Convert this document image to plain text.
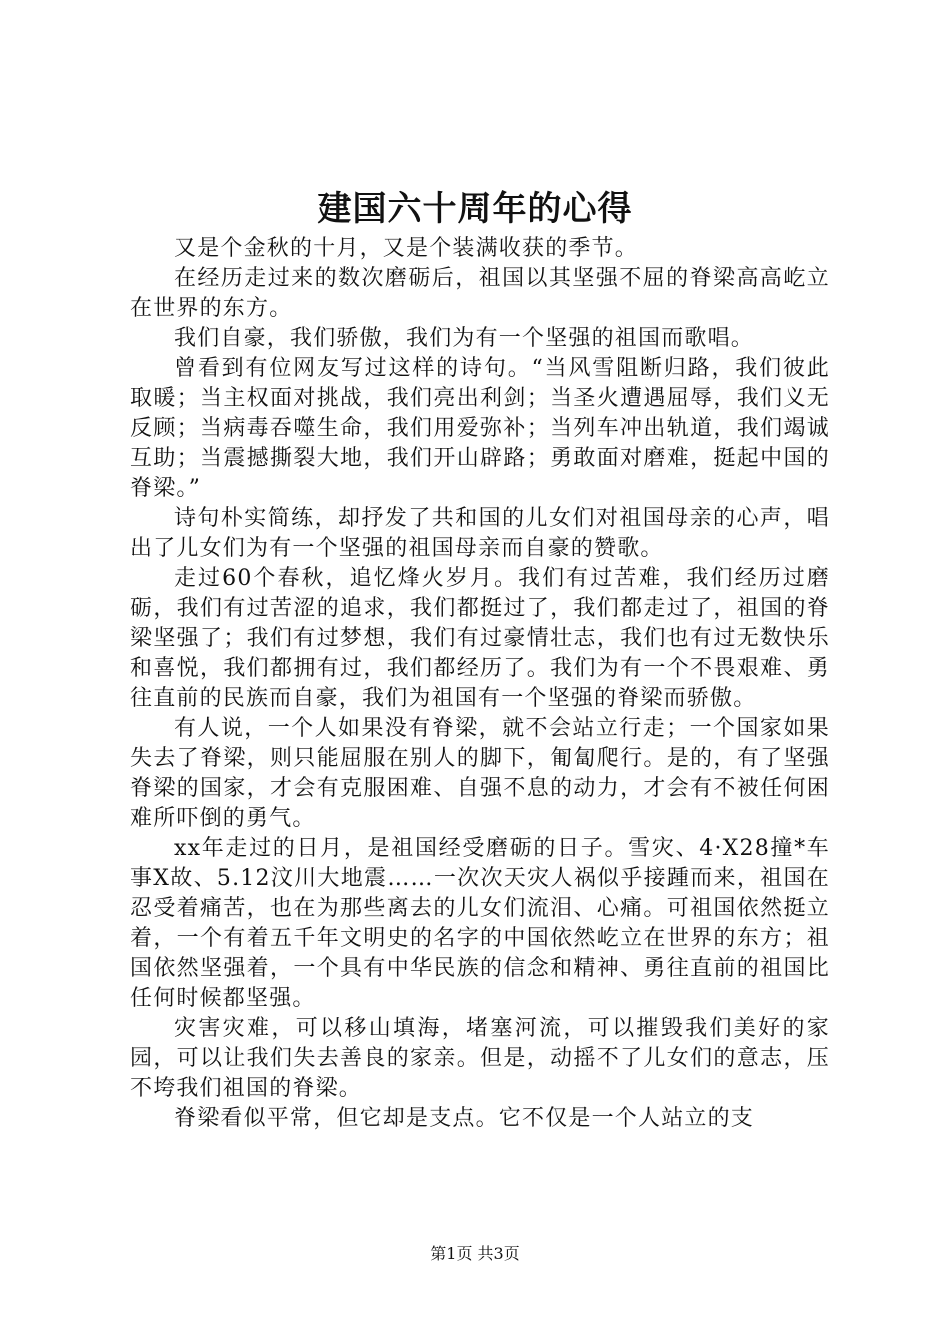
建国六十周年的心得

又是个金秋的十月，又是个装满收获的季节。

在经历走过来的数次磨砺后，祖国以其坚强不屈的脊梁高高屹立在世界的东方。

我们自豪，我们骄傲，我们为有一个坚强的祖国而歌唱。

曾看到有位网友写过这样的诗句。“当风雪阻断归路，我们彼此取暖；当主权面对挑战，我们亮出利剑；当圣火遭遇屈辱，我们义无反顾；当病毒吞噬生命，我们用爱弥补；当列车冲出轨道，我们竭诚互助；当震撼撕裂大地，我们开山辟路；勇敢面对磨难，挺起中国的脊梁。”

诗句朴实简练，却抒发了共和国的儿女们对祖国母亲的心声，唱出了儿女们为有一个坚强的祖国母亲而自豪的赞歌。

走过60个春秋，追忆烽火岁月。我们有过苦难，我们经历过磨砺，我们有过苦涩的追求，我们都挺过了，我们都走过了，祖国的脊梁坚强了；我们有过梦想，我们有过豪情壮志，我们也有过无数快乐和喜悦，我们都拥有过，我们都经历了。我们为有一个不畏艰难、勇往直前的民族而自豪，我们为祖国有一个坚强的脊梁而骄傲。

有人说，一个人如果没有脊梁，就不会站立行走；一个国家如果失去了脊梁，则只能屈服在别人的脚下，匍匐爬行。是的，有了坚强脊梁的国家，才会有克服困难、自强不息的动力，才会有不被任何困难所吓倒的勇气。

xx年走过的日月，是祖国经受磨砺的日子。雪灾、4·X28撞*车事X故、5.12汶川大地震……一次次天灾人祸似乎接踵而来，祖国在忍受着痛苦，也在为那些离去的儿女们流泪、心痛。可祖国依然挺立着，一个有着五千年文明史的名字的中国依然屹立在世界的东方；祖国依然坚强着，一个具有中华民族的信念和精神、勇往直前的祖国比任何时候都坚强。

灾害灾难，可以移山填海，堵塞河流，可以摧毁我们美好的家园，可以让我们失去善良的家亲。但是，动摇不了儿女们的意志，压不垮我们祖国的脊梁。

脊梁看似平常，但它却是支点。它不仅是一个人站立的支

第1页 共3页
